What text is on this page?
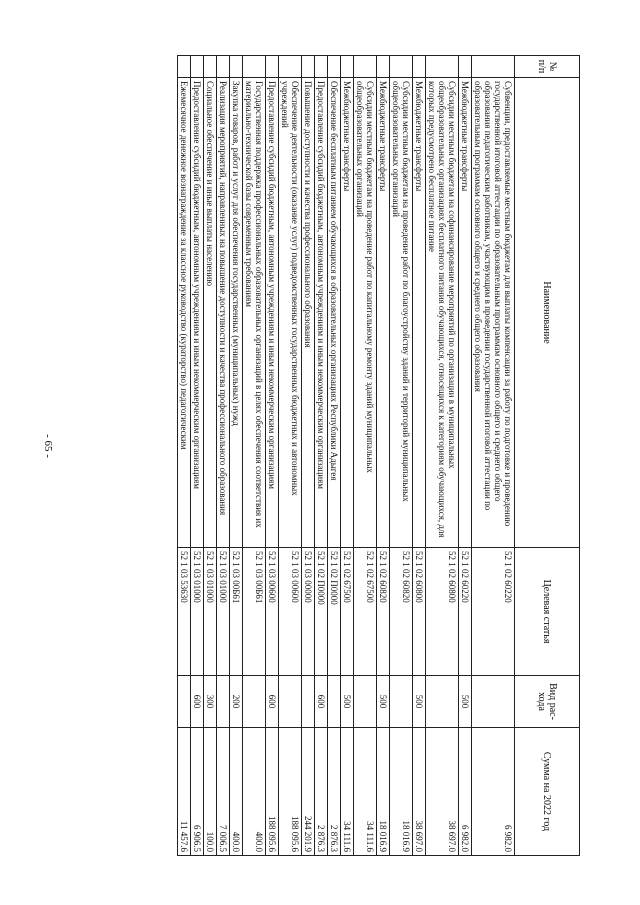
- 65 -
№ п/п	Наименование	Целевая статья	Вид рас- хода	Сумма на 2022 год
	Субвенции, предоставляемые местным бюджетам для выплаты компенсации за работу по подготовке и проведению государственной итоговой аттестации по образовательным программам основного общего и среднего общего образования педагогическим работникам, участвующим в проведении государственной итоговой аттестации по образовательным программам основного общего и среднего общего образования	52 1 02 60220		6 982.0
	Межбюджетные трансферты	52 1 02 60220	500	6 982.0
	Субсидии местным бюджетам на софинансирование мероприятий по организации в муниципальных общеобразовательных организациях бесплатного питания обучающихся, относящихся к категориям обучающихся, для которых предусмотрено бесплатное питание	52 1 02 60800		38 697.0
	Межбюджетные трансферты	52 1 02 60800	500	38 697.0
	Субсидии местным бюджетам на проведение работ по благоустройству зданий и территорий муниципальных общеобразовательных организаций	52 1 02 60820		18 016.9
	Межбюджетные трансферты	52 1 02 60820	500	18 016.9
	Субсидии местным бюджетам на проведение работ по капитальному ремонту зданий муниципальных общеобразовательных организаций	52 1 02 67500		34 111.6
	Межбюджетные трансферты	52 1 02 67500	500	34 111.6
	Обеспечение бесплатным питанием обучающихся в образовательных организациях Республики Адыгея	52 1 02 П0000		2 876.3
	Предоставление субсидий бюджетным, автономным учреждениям и иным некоммерческим организациям	52 1 02 П0000	600	2 876.3
	Повышение доступности и качества профессионального образования	52 1 03 00000		244 201.9
	Обеспечение деятельности (оказание услуг) подведомственных государственных бюджетных и автономных учреждений	52 1 03 00600		188 095.6
	Предоставление субсидий бюджетным, автономным учреждениям и иным некоммерческим организациям	52 1 03 00600	600	188 095.6
	Государственная поддержка профессиональных образовательных организаций в целях обеспечения соответствия их материально-технической базы современным требованиям	52 1 03 00Б61		400.0
	Закупка товаров, работ и услуг для обеспечения государственных (муниципальных) нужд	52 1 03 00Б61	200	400.0
	Реализация мероприятий, направленных на повышение доступности и качества профессионального образования	52 1 03 01000		7 006.5
	Социальное обеспечение и иные выплаты населению	52 1 03 01000	300	100.0
	Предоставление субсидий бюджетным, автономным учреждениям и иным некоммерческим организациям	52 1 03 01000	600	6 906.5
	Ежемесячное денежное вознаграждение за классное руководство (кураторство) педагогическим	52 1 03 53630		11 457.6
